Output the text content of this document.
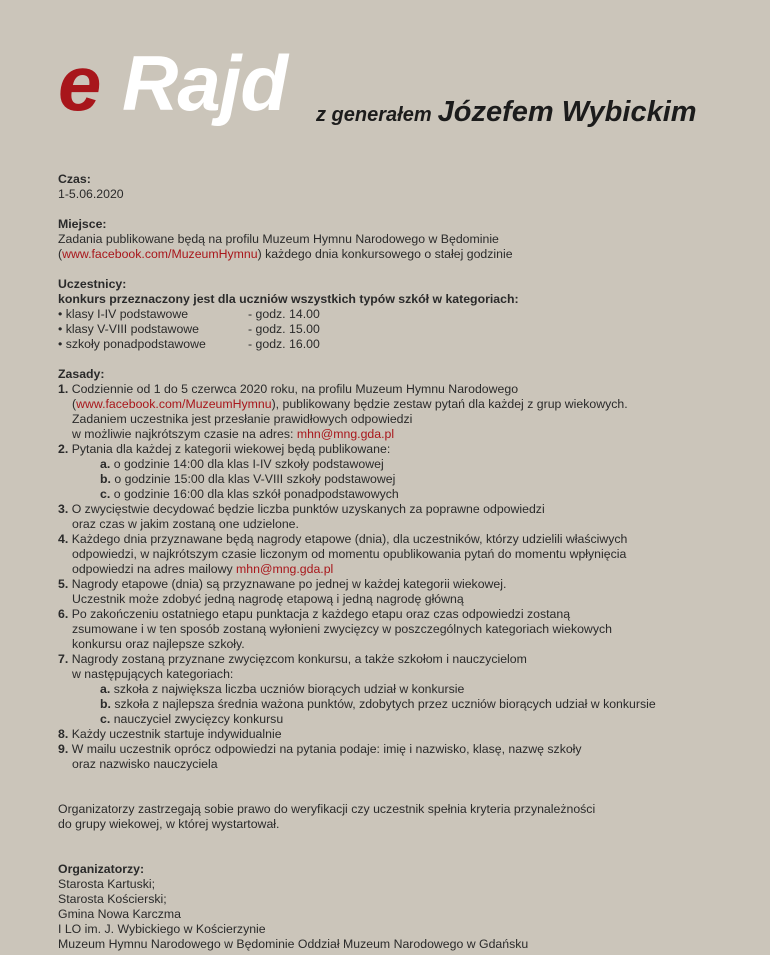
e Rajd z generałem Józefem Wybickim

Czas:

1-5.06.2020

Miejsce:

Zadania publikowane będą na profilu Muzeum Hymnu Narodowego w Będominie

(www.facebook.com/MuzeumHymnu) każdego dnia konkursowego o stałej godzinie

Uczestnicy:

konkurs przeznaczony jest dla uczniów wszystkich typów szkół w kategoriach:

• klasy I-IV podstawowe	- godz. 14.00
• klasy V-VIII podstawowe	- godz. 15.00
• szkoły ponadpodstawowe	- godz. 16.00

Zasady:

1. Codziennie od 1 do 5 czerwca 2020 roku, na profilu Muzeum Hymnu Narodowego

(www.facebook.com/MuzeumHymnu), publikowany będzie zestaw pytań dla każdej z grup wiekowych.

Zadaniem uczestnika jest przesłanie prawidłowych odpowiedzi

w możliwie najkrótszym czasie na adres: mhn@mng.gda.pl

2. Pytania dla każdej z kategorii wiekowej będą publikowane:

a. o godzinie 14:00 dla klas I-IV szkoły podstawowej

b. o godzinie 15:00 dla klas V-VIII szkoły podstawowej

c. o godzinie 16:00 dla klas szkół ponadpodstawowych

3. O zwycięstwie decydować będzie liczba punktów uzyskanych za poprawne odpowiedzi

oraz czas w jakim zostaną one udzielone.

4. Każdego dnia przyznawane będą nagrody etapowe (dnia), dla uczestników, którzy udzielili właściwych

odpowiedzi, w najkrótszym czasie liczonym od momentu opublikowania pytań do momentu wpłynięcia

odpowiedzi na adres mailowy mhn@mng.gda.pl

5. Nagrody etapowe (dnia) są przyznawane po jednej w każdej kategorii wiekowej.

Uczestnik może zdobyć jedną nagrodę etapową i jedną nagrodę główną

6. Po zakończeniu ostatniego etapu punktacja z każdego etapu oraz czas odpowiedzi zostaną

zsumowane i w ten sposób zostaną wyłonieni zwycięzcy w poszczególnych kategoriach wiekowych

konkursu oraz najlepsze szkoły.

7. Nagrody zostaną przyznane zwycięzcom konkursu, a także szkołom i nauczycielom

w następujących kategoriach:

a. szkoła z największa liczba uczniów biorących udział w konkursie

b. szkoła z najlepsza średnia ważona punktów, zdobytych przez uczniów biorących udział w konkursie

c. nauczyciel zwycięzcy konkursu

8. Każdy uczestnik startuje indywidualnie

9. W mailu uczestnik oprócz odpowiedzi na pytania podaje: imię i nazwisko, klasę, nazwę szkoły

oraz nazwisko nauczyciela

Organizatorzy zastrzegają sobie prawo do weryfikacji czy uczestnik spełnia kryteria przynależności

do grupy wiekowej, w której wystartował.

Organizatorzy:

Starosta Kartuski;

Starosta Kościerski;

Gmina Nowa Karczma

I LO im. J. Wybickiego w Kościerzynie

Muzeum Hymnu Narodowego w Będominie Oddział Muzeum Narodowego w Gdańsku
